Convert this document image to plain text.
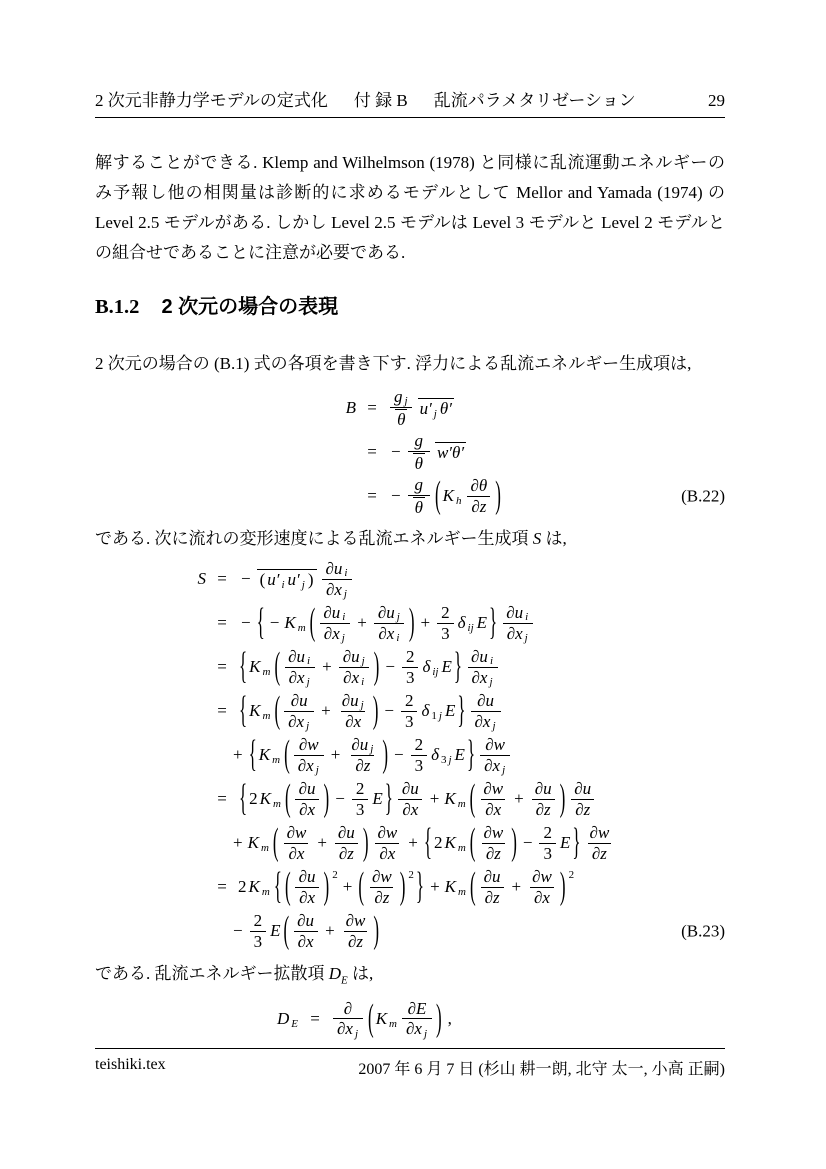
2 次元非静力学モデルの定式化 付 録 B 乱流パラメタリゼーション	29

解することができる. Klemp and Wilhelmson (1978) と同様に乱流運動エネルギーのみ予報し他の相関量は診断的に求めるモデルとして Mellor and Yamada (1974) の Level 2.5 モデルがある. しかし Level 2.5 モデルは Level 3 モデルと Level 2 モデルとの組合せであることに注意が必要である.

B.1.2 2 次元の場合の表現

2 次元の場合の (B.1) 式の各項を書き下す. 浮力による乱流エネルギー生成項は,

$B = \frac{\text{g j}}{\theta} u'$ j θ′
= − $\frac{g}{\theta} w'\theta'$
= − $\frac{g}{\theta}$ ( K h $\frac{\partial\theta}{\partial z}$ )	(B.22)

である. 次に流れの変形速度による乱流エネルギー生成項 S は,

S = − ( u′ i u′ j ) $\frac{\text{∂u i}}{\text{∂x j}}$
= − { − K m ( $\frac{\text{∂u i}}{\text{∂x j}} + \frac{\text{∂u j}}{\text{∂x i}}$ ) + $\frac{2}{3}$ δ ij E } $\frac{\text{∂u i}}{\text{∂x j}}$
= { K m ( $\frac{\text{∂u i}}{\text{∂x j}} + \frac{\text{∂u j}}{\text{∂x i}}$ ) − $\frac{2}{3}$ δ ij E } $\frac{\text{∂u i}}{\text{∂x j}}$
= { K m ( $\frac{\partial u}{\text{∂x j}} + \frac{\text{∂u j}}{\partial x}$ ) − $\frac{2}{3}$ δ 1 j E } $\frac{\partial u}{\text{∂x j}}$
+ { K m ( $\frac{\partial w}{\text{∂x j}} + \frac{\text{∂u j}}{\partial z}$ ) − $\frac{2}{3}$ δ 3 j E } $\frac{\partial w}{\text{∂x j}}$
= { 2 K m ( $\frac{\partial u}{\partial x}$ ) − $\frac{2}{3}$ E } $\frac{\partial u}{\partial x} + K$ m ( $\frac{\partial w}{\partial x} + \frac{\partial u}{\partial z}$ ) $\frac{\partial u}{\partial z}$
+ K m ( $\frac{\partial w}{\partial x} + \frac{\partial u}{\partial z}$ ) $\frac{\partial w}{\partial x}$ + { 2 K m ( $\frac{\partial w}{\partial z}$ ) − $\frac{2}{3}$ E } $\frac{\partial w}{\partial z}$
= 2 K m { ( $\frac{\partial u}{\partial x}$ ) 2
+ ( $\frac{\partial w}{\partial z}$ ) 2 } + K m ( $\frac{\partial u}{\partial z} + \frac{\partial w}{\partial x}$ ) 2
− $\frac{2}{3}$ E ( $\frac{\partial u}{\partial x} + \frac{\partial w}{\partial z}$ )	(B.23)

である. 乱流エネルギー拡散項 $D_E$ は,

D $E = \frac{\partial}{\text{∂x j}}$ ( K m $\frac{\partial E}{\text{∂x j}}$ ) ,
teishiki.tex	2007 年 6 月 7 日 (杉山 耕一朗, 北守 太一, 小高 正嗣)
